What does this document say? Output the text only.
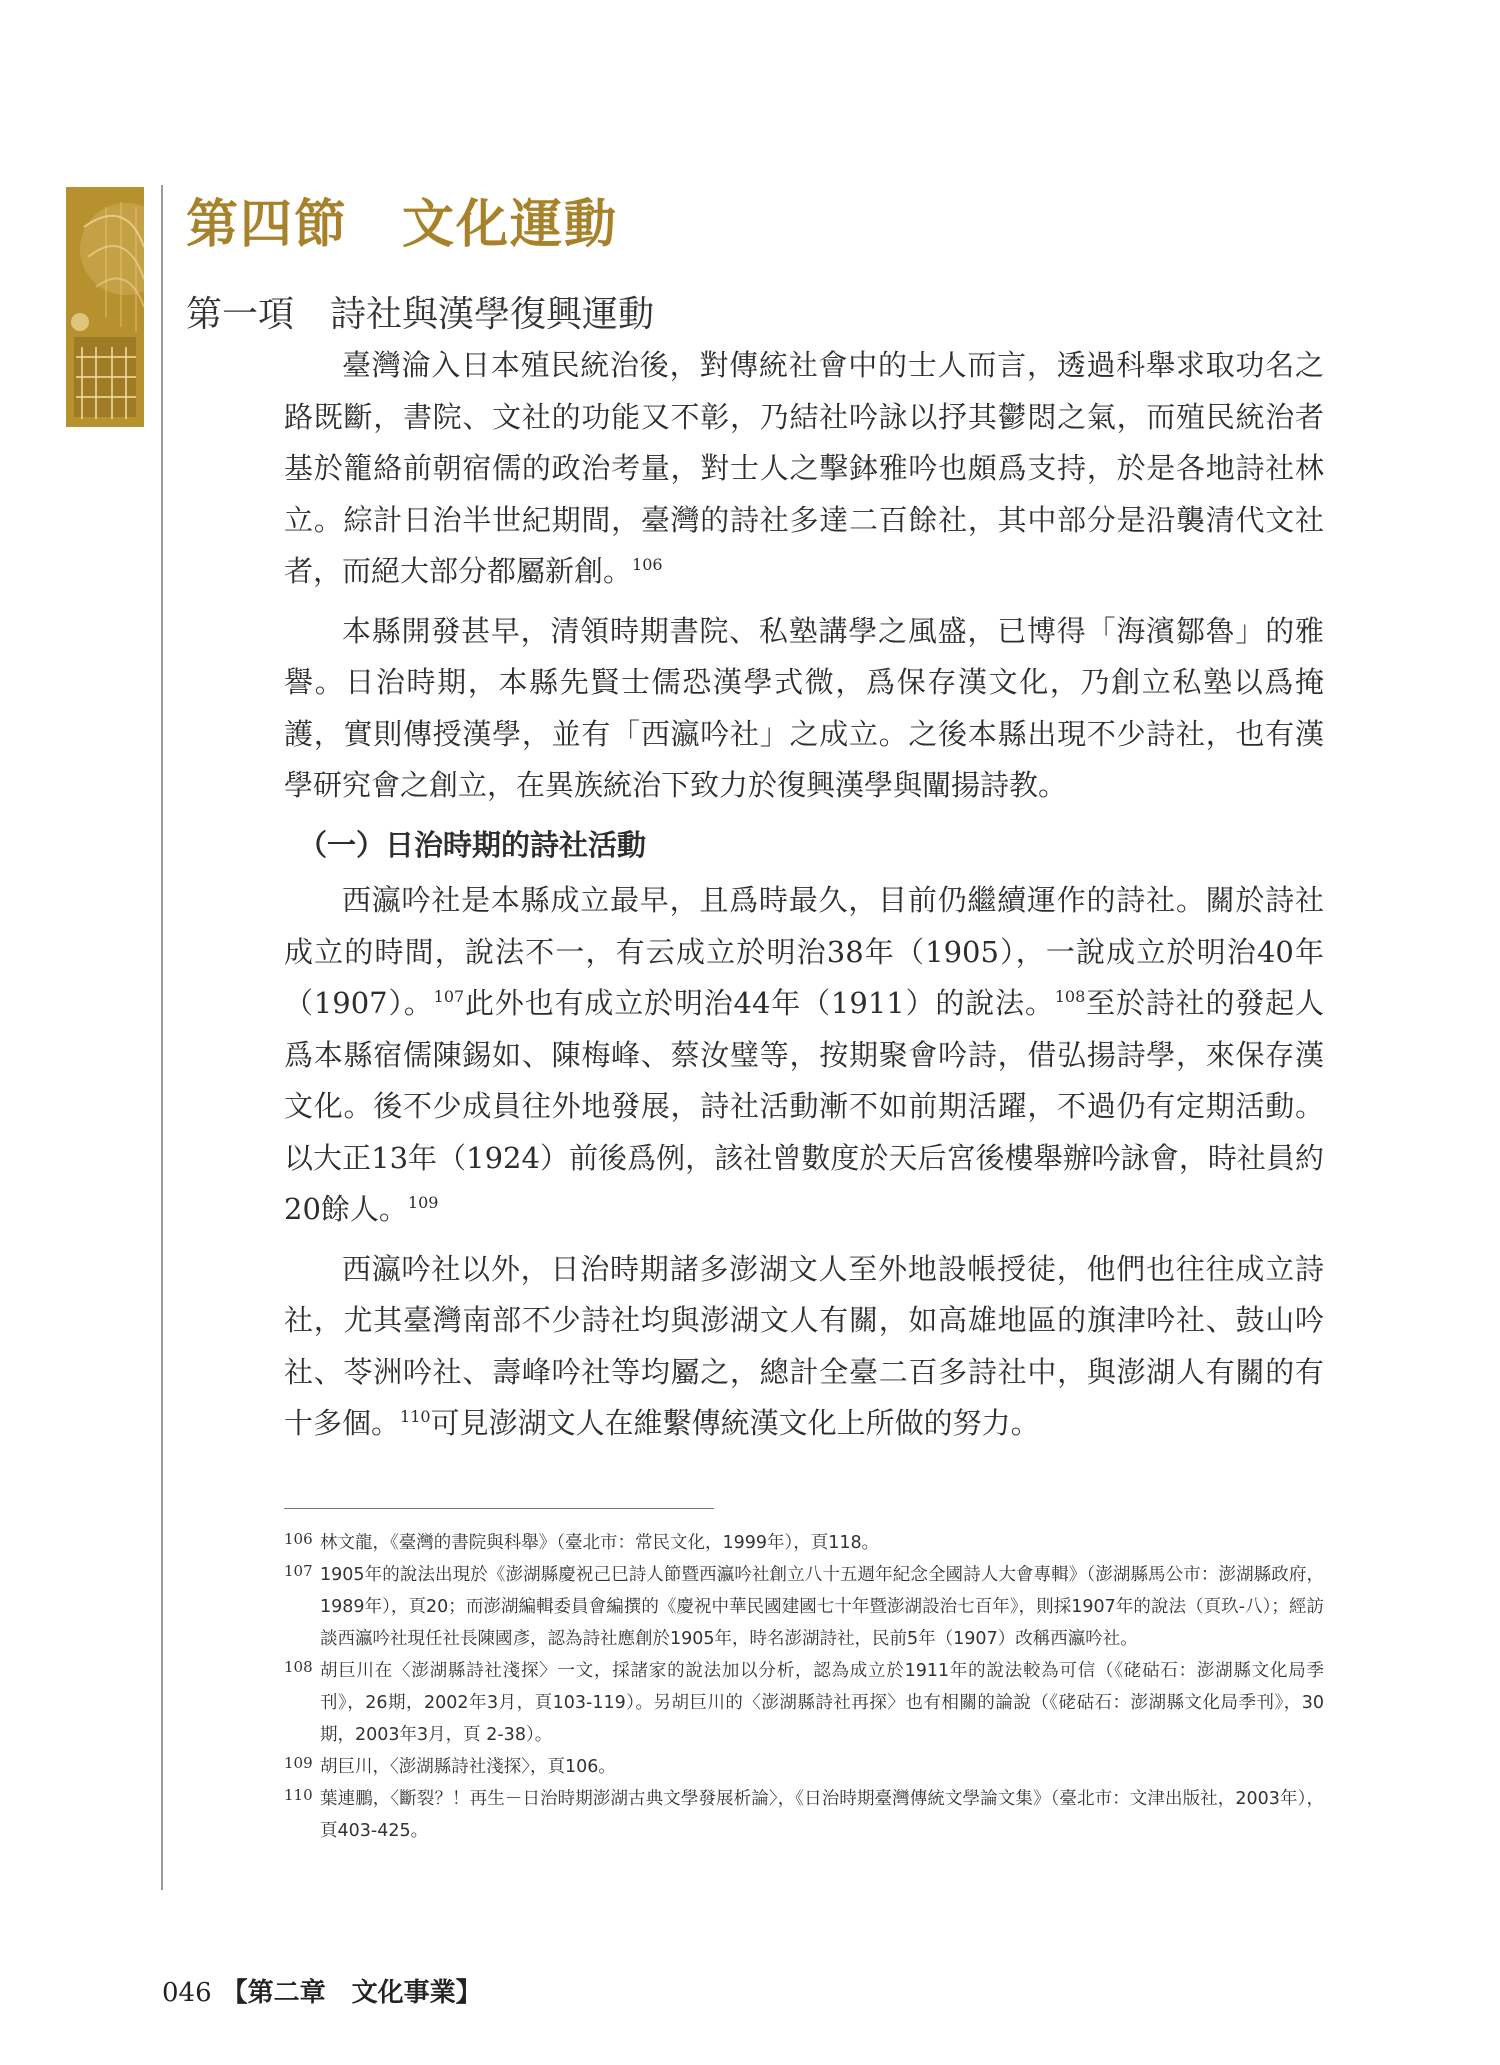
第四節　文化運動
第一項　詩社與漢學復興運動

臺灣淪入日本殖民統治後，對傳統社會中的士人而言，透過科舉求取功名之路既斷，書院、文社的功能又不彰，乃結社吟詠以抒其鬱悶之氣，而殖民統治者基於籠絡前朝宿儒的政治考量，對士人之擊鉢雅吟也頗爲支持，於是各地詩社林立。綜計日治半世紀期間，臺灣的詩社多達二百餘社，其中部分是沿襲清代文社者，而絕大部分都屬新創。$^{106}$

本縣開發甚早，清領時期書院、私塾講學之風盛，已博得「海濱鄒魯」的雅譽。日治時期，本縣先賢士儒恐漢學式微，爲保存漢文化，乃創立私塾以爲掩護，實則傳授漢學，並有「西瀛吟社」之成立。之後本縣出現不少詩社，也有漢學研究會之創立，在異族統治下致力於復興漢學與闡揚詩教。

（一）日治時期的詩社活動

西瀛吟社是本縣成立最早，且爲時最久，目前仍繼續運作的詩社。關於詩社成立的時間，說法不一，有云成立於明治38年（1905），一說成立於明治40年（1907）。$^{107}$此外也有成立於明治44年（1911）的說法。$^{108}$至於詩社的發起人爲本縣宿儒陳錫如、陳梅峰、蔡汝璧等，按期聚會吟詩，借弘揚詩學，來保存漢文化。後不少成員往外地發展，詩社活動漸不如前期活躍，不過仍有定期活動。以大正13年（1924）前後爲例，該社曾數度於天后宮後樓舉辦吟詠會，時社員約20餘人。$^{109}$

西瀛吟社以外，日治時期諸多澎湖文人至外地設帳授徒，他們也往往成立詩社，尤其臺灣南部不少詩社均與澎湖文人有關，如高雄地區的旗津吟社、鼓山吟社、苓洲吟社、壽峰吟社等均屬之，總計全臺二百多詩社中，與澎湖人有關的有十多個。$^{110}$可見澎湖文人在維繫傳統漢文化上所做的努力。

106 林文龍，《臺灣的書院與科舉》（臺北市：常民文化，1999年），頁118。
107 1905年的說法出現於《澎湖縣慶祝己巳詩人節暨西瀛吟社創立八十五週年紀念全國詩人大會專輯》（澎湖縣馬公市：澎湖縣政府，1989年），頁20；而澎湖編輯委員會編撰的《慶祝中華民國建國七十年暨澎湖設治七百年》，則採1907年的說法（頁玖-八）；經訪談西瀛吟社現任社長陳國彥，認為詩社應創於1905年，時名澎湖詩社，民前5年（1907）改稱西瀛吟社。
108 胡巨川在〈澎湖縣詩社淺探〉一文，採諸家的說法加以分析，認為成立於1911年的說法較為可信（《硓𥑮石：澎湖縣文化局季刊》，26期，2002年3月，頁103-119）。另胡巨川的〈澎湖縣詩社再探〉也有相關的論說（《硓𥑮石：澎湖縣文化局季刊》，30期，2003年3月，頁 2-38）。
109 胡巨川，〈澎湖縣詩社淺探〉，頁106。
110 葉連鵬，〈斷裂？！再生－日治時期澎湖古典文學發展析論〉，《日治時期臺灣傳統文學論文集》（臺北市：文津出版社，2003年），頁403-425。
046 【第二章　文化事業】
